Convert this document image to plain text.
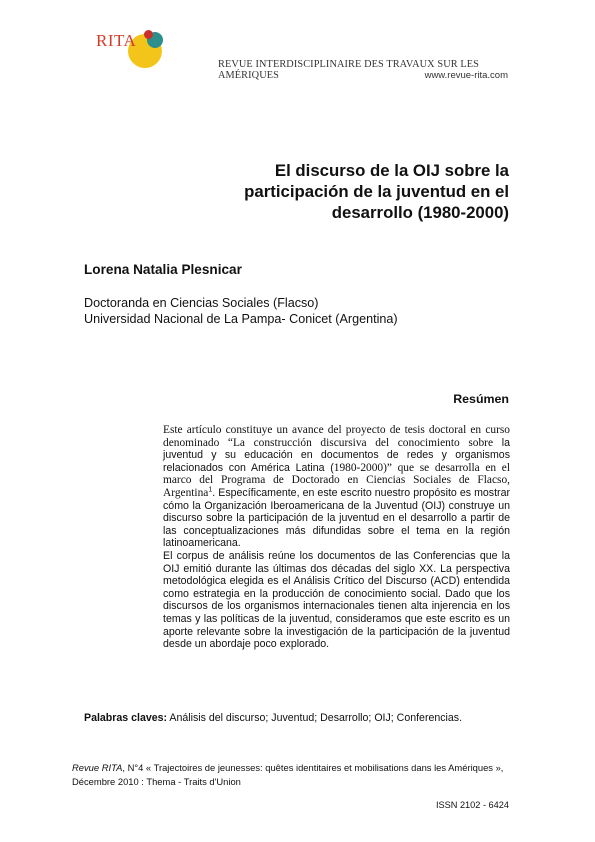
RITA
REVUE INTERDISCIPLINAIRE DES TRAVAUX SUR LES AMÉRIQUES	www.revue-rita.com
El discurso de la OIJ sobre la participación de la juventud en el desarrollo (1980-2000)
Lorena Natalia Plesnicar
Doctoranda en Ciencias Sociales (Flacso)
Universidad Nacional de La Pampa- Conicet (Argentina)
Resúmen

Este artículo constituye un avance del proyecto de tesis doctoral en curso denominado “La construcción discursiva del conocimiento sobre la juventud y su educación en documentos de redes y organismos relacionados con América Latina (1980-2000)” que se desarrolla en el marco del Programa de Doctorado en Ciencias Sociales de Flacso, Argentina$^1$. Específicamente, en este escrito nuestro propósito es mostrar cómo la Organización Iberoamericana de la Juventud (OIJ) construye un discurso sobre la participación de la juventud en el desarrollo a partir de las conceptualizaciones más difundidas sobre el tema en la región latinoamericana.

El corpus de análisis reúne los documentos de las Conferencias que la OIJ emitió durante las últimas dos décadas del siglo XX. La perspectiva metodológica elegida es el Análisis Crítico del Discurso (ACD) entendida como estrategia en la producción de conocimiento social. Dado que los discursos de los organismos internacionales tienen alta injerencia en los temas y las políticas de la juventud, consideramos que este escrito es un aporte relevante sobre la investigación de la participación de la juventud desde un abordaje poco explorado.

Palabras claves: Análisis del discurso; Juventud; Desarrollo; OIJ; Conferencias.
Revue RITA, N°4 « Trajectoires de jeunesses: quêtes identitaires et mobilisations dans les Amériques »,
Décembre 2010 : Thema - Traits d'Union
ISSN 2102 - 6424
